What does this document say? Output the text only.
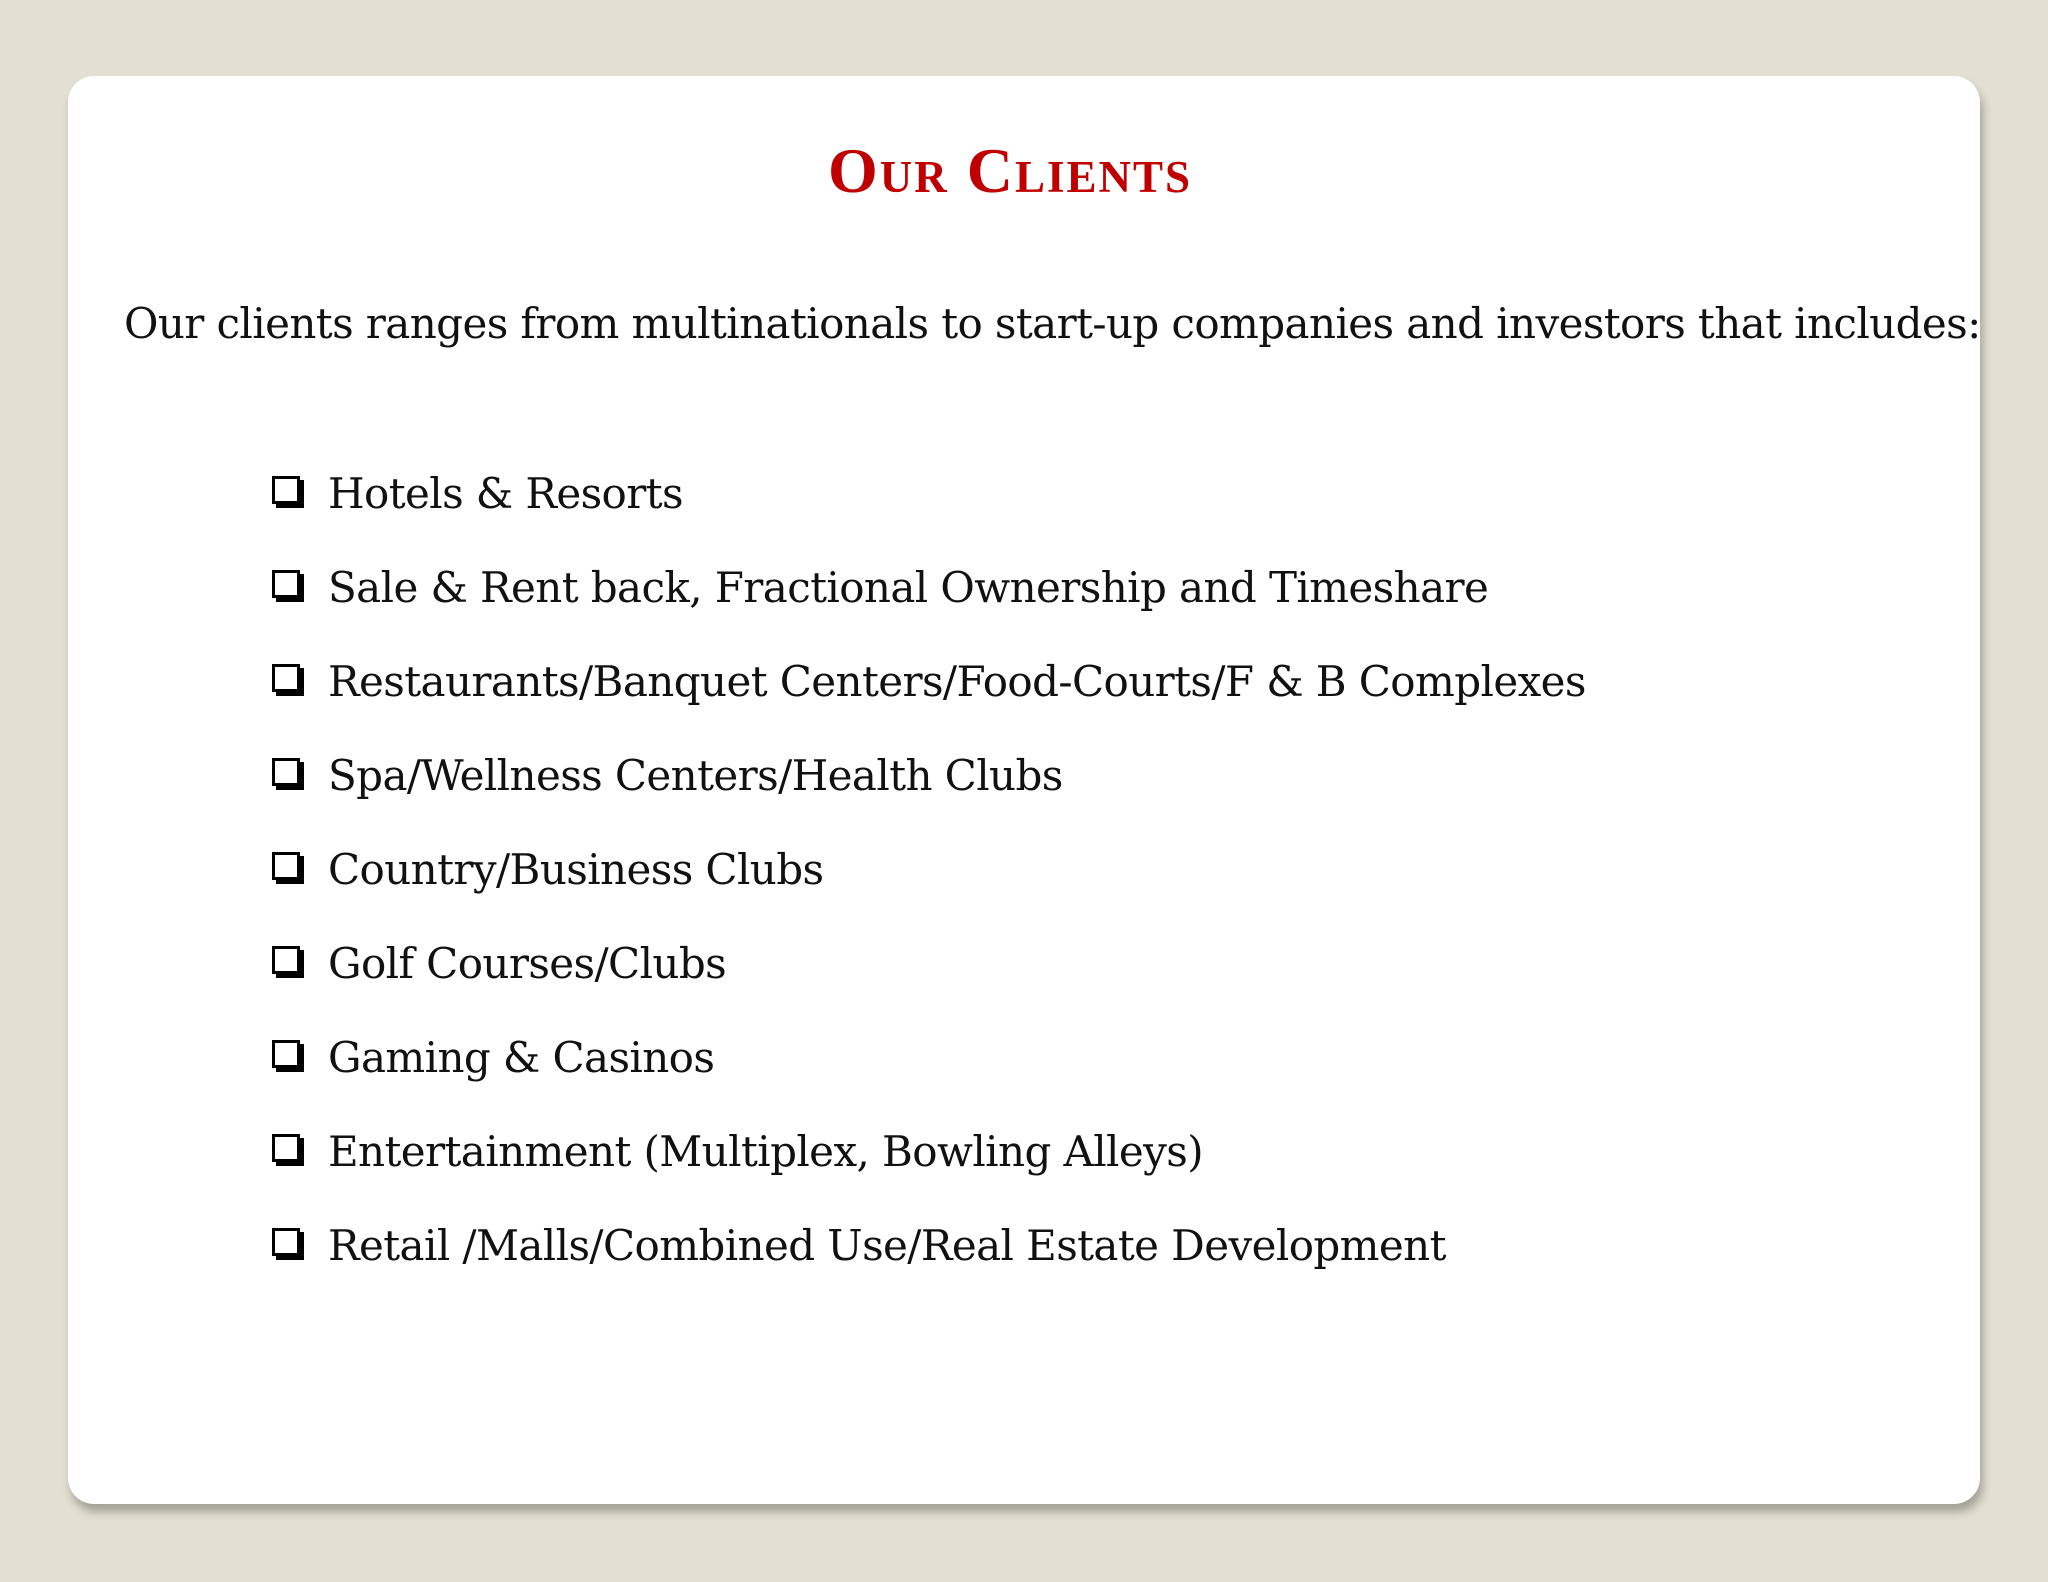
Our Clients

Our clients ranges from multinationals to start-up companies and investors that includes:

Hotels & Resorts
Sale & Rent back, Fractional Ownership and Timeshare
Restaurants/Banquet Centers/Food-Courts/F & B Complexes
Spa/Wellness Centers/Health Clubs
Country/Business Clubs
Golf Courses/Clubs
Gaming & Casinos
Entertainment (Multiplex, Bowling Alleys)
Retail /Malls/Combined Use/Real Estate Development
